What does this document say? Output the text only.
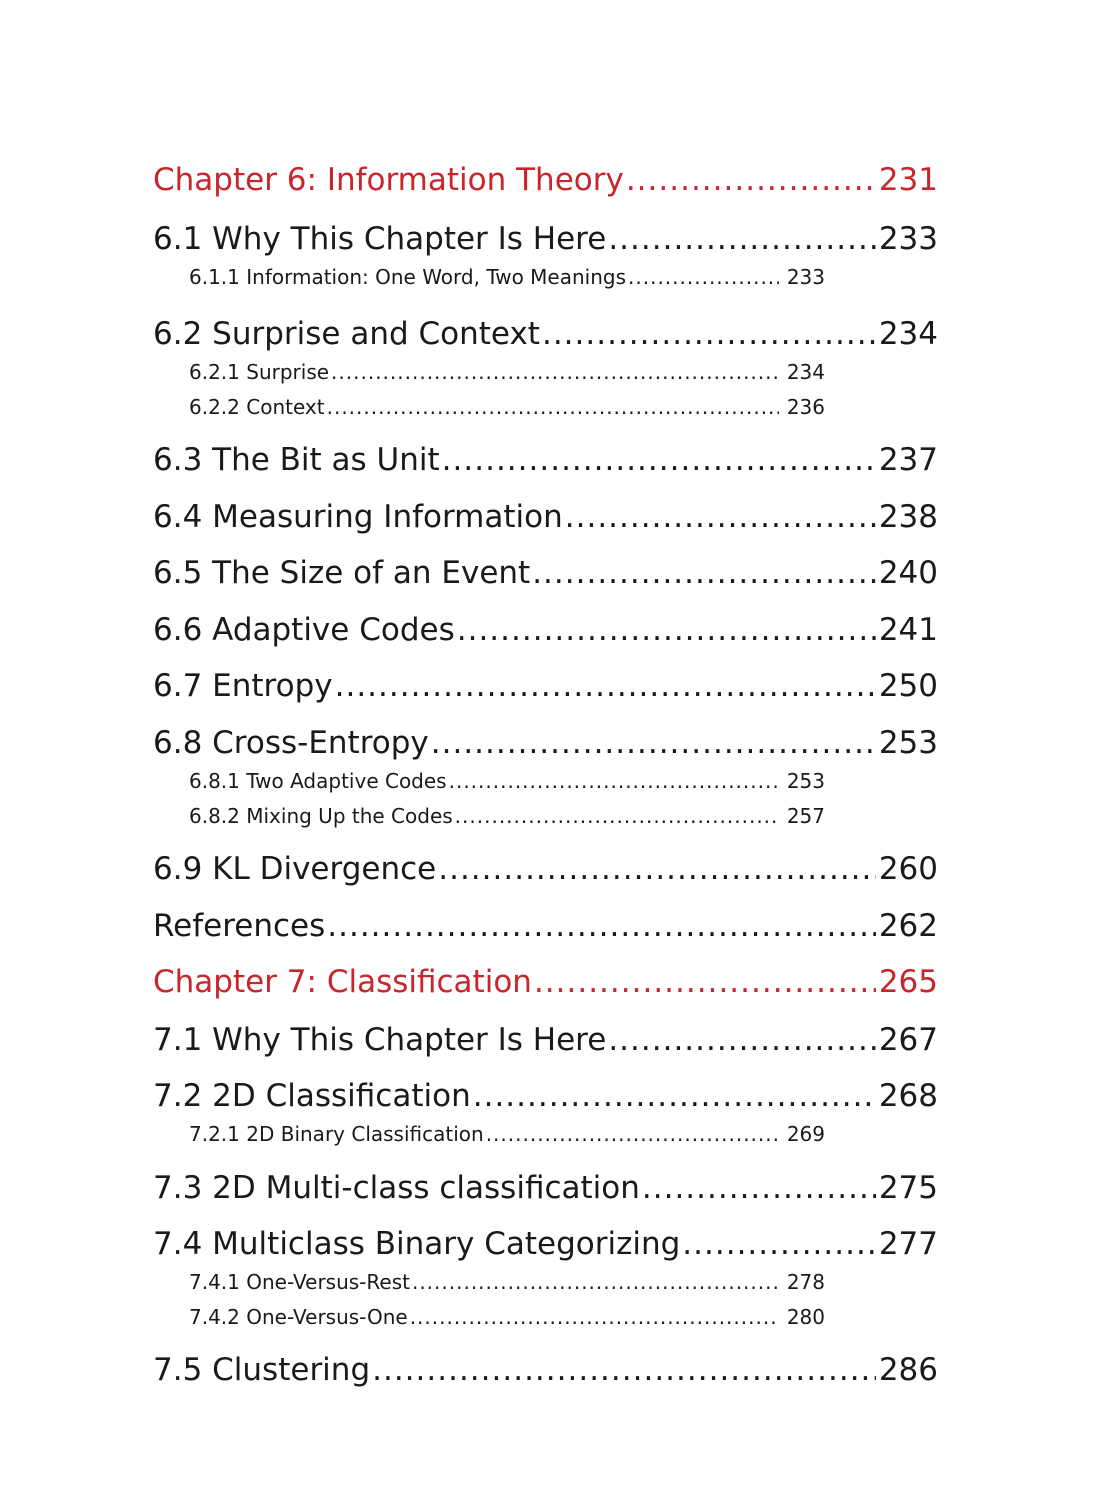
Chapter 6: Information Theory .....	231
6.1 Why This Chapter Is Here .....	233
6.1.1 Information: One Word, Two Meanings .....	233
6.2 Surprise and Context .....	234
6.2.1 Surprise .....	234
6.2.2 Context .....	236
6.3 The Bit as Unit .....	237
6.4 Measuring Information .....	238
6.5 The Size of an Event .....	240
6.6 Adaptive Codes .....	241
6.7 Entropy .....	250
6.8 Cross-Entropy .....	253
6.8.1 Two Adaptive Codes .....	253
6.8.2 Mixing Up the Codes .....	257
6.9 KL Divergence .....	260
References .....	262
Chapter 7: Classification .....	265
7.1 Why This Chapter Is Here .....	267
7.2 2D Classification .....	268
7.2.1 2D Binary Classification .....	269
7.3 2D Multi-class classification .....	275
7.4 Multiclass Binary Categorizing .....	277
7.4.1 One-Versus-Rest .....	278
7.4.2 One-Versus-One .....	280
7.5 Clustering .....	286
